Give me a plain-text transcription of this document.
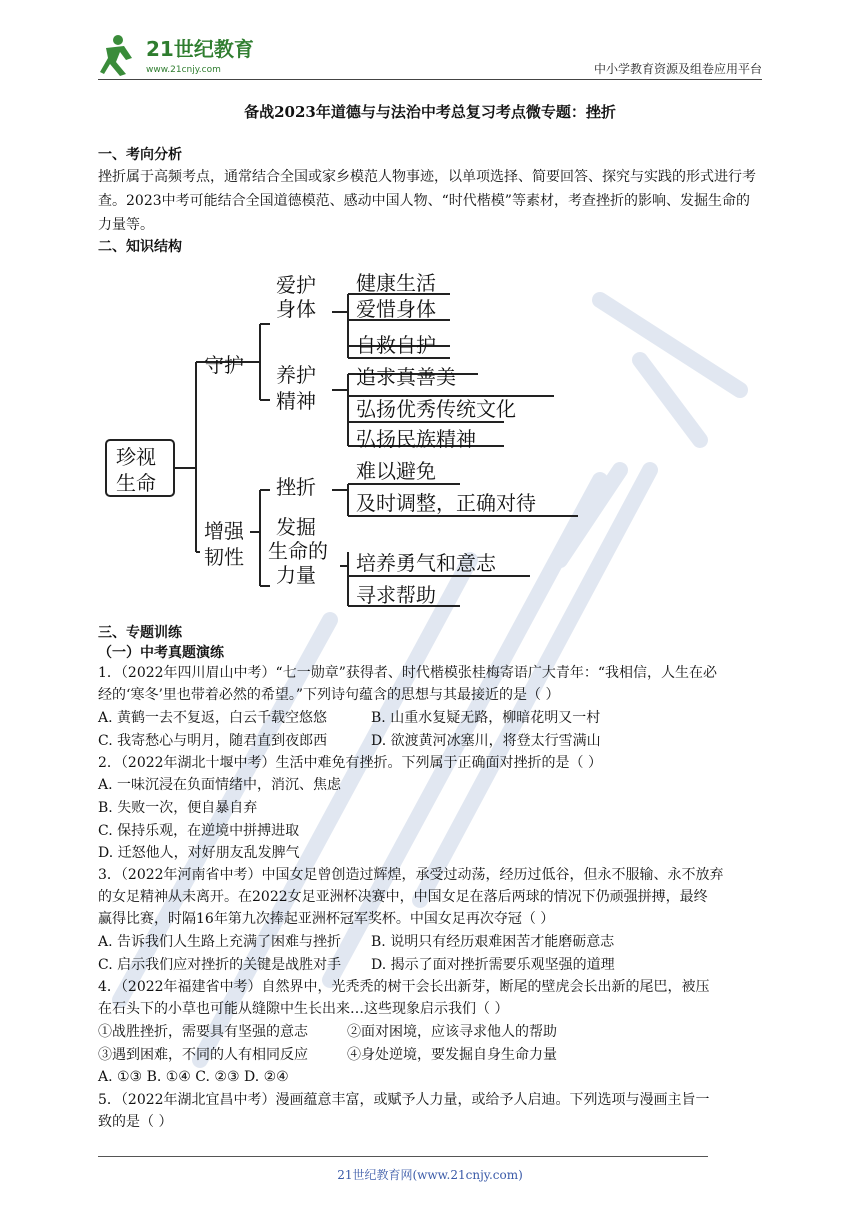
21世纪教育
www.21cnjy.com	中小学教育资源及组卷应用平台
备战2023年道德与与法治中考总复习考点微专题：挫折
一、考向分析
挫折属于高频考点，通常结合全国或家乡模范人物事迹，以单项选择、简要回答、探究与实践的形式进行考查。2023中考可能结合全国道德模范、感动中国人物、“时代楷模”等素材，考查挫折的影响、发掘生命的力量等。
二、知识结构
珍视
生命
守护
增强
韧性
爱护
身体
健康生活
爱惜身体
自救自护
养护
精神
追求真善美
弘扬优秀传统文化
弘扬民族精神
挫折
难以避免
及时调整，正确对待
发掘
生命的
力量 培养勇气和意志
寻求帮助
三、专题训练
（一）中考真题演练
1．（2022年四川眉山中考）“七一勋章”获得者、时代楷模张桂梅寄语广大青年：“我相信，人生在必
经的‘寒冬’里也带着必然的希望。”下列诗句蕴含的思想与其最接近的是（ ）
A. 黄鹤一去不复返，白云千载空悠悠	B. 山重水复疑无路，柳暗花明又一村
C. 我寄愁心与明月，随君直到夜郎西	D. 欲渡黄河冰塞川，将登太行雪满山
2．（2022年湖北十堰中考）生活中难免有挫折。下列属于正确面对挫折的是（ ）
A. 一味沉浸在负面情绪中，消沉、焦虑
B. 失败一次，便自暴自弃
C. 保持乐观，在逆境中拼搏进取
D. 迁怒他人，对好朋友乱发脾气
3．（2022年河南省中考）中国女足曾创造过辉煌，承受过动荡，经历过低谷，但永不服输、永不放弃
的女足精神从未离开。在2022女足亚洲杯决赛中，中国女足在落后两球的情况下仍顽强拼搏，最终
赢得比赛，时隔16年第九次捧起亚洲杯冠军奖杯。中国女足再次夺冠（ ）
A. 告诉我们人生路上充满了困难与挫折 B. 说明只有经历艰难困苦才能磨砺意志
C. 启示我们应对挫折的关键是战胜对手 D. 揭示了面对挫折需要乐观坚强的道理
4．（2022年福建省中考）自然界中，光秃秃的树干会长出新芽，断尾的壁虎会长出新的尾巴，被压
在石头下的小草也可能从缝隙中生长出来…这些现象启示我们（ ）
①战胜挫折，需要具有坚强的意志	②面对困境，应该寻求他人的帮助
③遇到困难，不同的人有相同反应	④身处逆境，要发掘自身生命力量
A. ①③ B. ①④ C. ②③ D. ②④
5．（2022年湖北宜昌中考）漫画蕴意丰富，或赋予人力量，或给予人启迪。下列选项与漫画主旨一
致的是（ ）
21世纪教育网(www.21cnjy.com)
